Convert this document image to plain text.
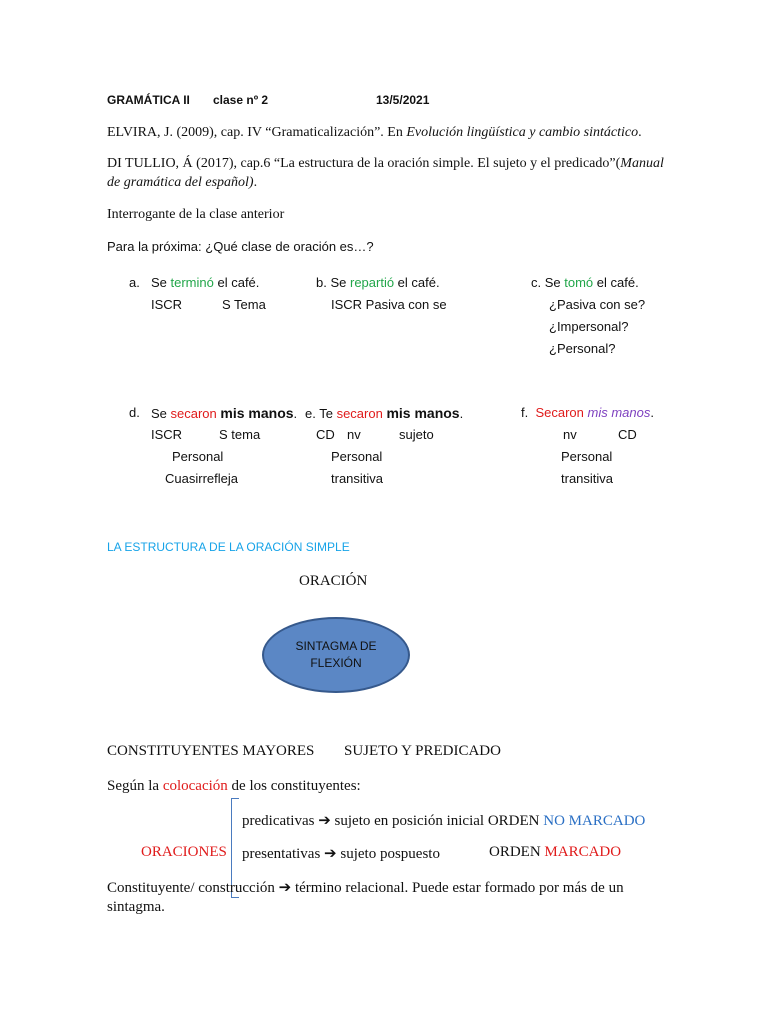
GRAMÁTICA II clase nº 2	13/5/2021
ELVIRA, J. (2009), cap. IV “Gramaticalización”. En Evolución lingüística y cambio sintáctico.
DI TULLIO, Á (2017), cap.6 “La estructura de la oración simple. El sujeto y el predicado”(Manual
de gramática del español).
Interrogante de la clase anterior
Para la próxima: ¿Qué clase de oración es…?
a. Se terminó el café.
ISCR	S Tema
b. Se repartió el café.
ISCR Pasiva con se
c. Se tomó el café.
¿Pasiva con se?
¿Impersonal?
¿Personal?
d. Se secaron mis manos.
ISCR	S tema
Personal
Cuasirrefleja
e. Te secaron mis manos.
CD nv	sujeto
Personal
transitiva
f. Secaron mis manos.
nv	CD
Personal
transitiva
LA ESTRUCTURA DE LA ORACIÓN SIMPLE
ORACIÓN
SINTAGMA DE FLEXIÓN
CONSTITUYENTES MAYORES SUJETO Y PREDICADO
Según la colocación de los constituyentes:
predicativas ➔ sujeto en posición inicial ORDEN NO MARCADO
ORACIONES presentativas ➔ sujeto pospuesto	ORDEN MARCADO
Constituyente/ construcción ➔ término relacional. Puede estar formado por más de un
sintagma.
